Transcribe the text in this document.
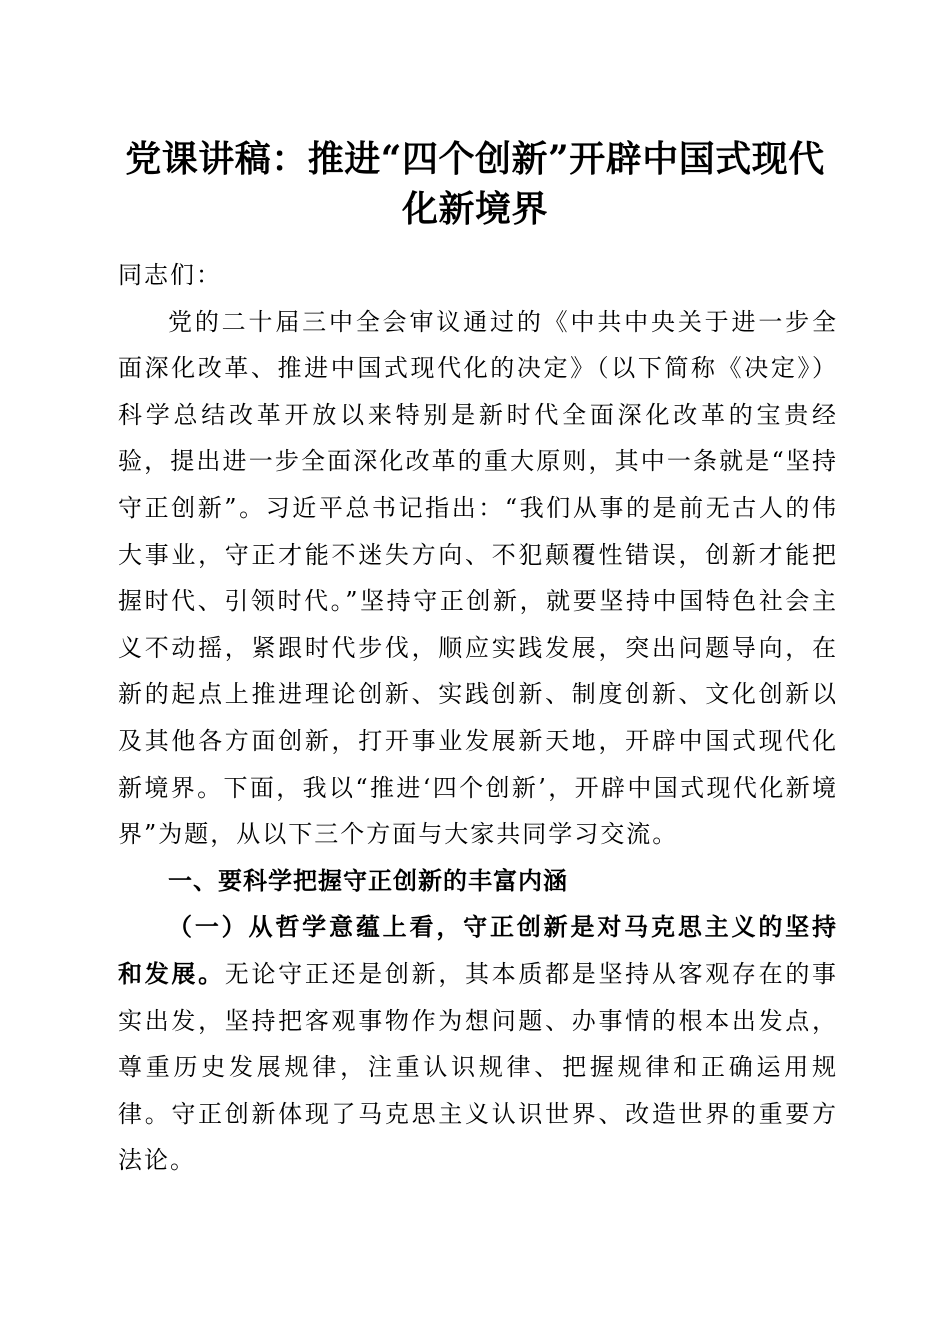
党课讲稿：推进“四个创新”开辟中国式现代
化新境界

同志们：

党的二十届三中全会审议通过的《中共中央关于进一步全面深化改革、推进中国式现代化的决定》（以下简称《决定》）科学总结改革开放以来特别是新时代全面深化改革的宝贵经验，提出进一步全面深化改革的重大原则，其中一条就是“坚持守正创新”。习近平总书记指出：“我们从事的是前无古人的伟大事业，守正才能不迷失方向、不犯颠覆性错误，创新才能把握时代、引领时代。”坚持守正创新，就要坚持中国特色社会主义不动摇，紧跟时代步伐，顺应实践发展，突出问题导向，在新的起点上推进理论创新、实践创新、制度创新、文化创新以及其他各方面创新，打开事业发展新天地，开辟中国式现代化新境界。下面，我以“推进‘四个创新’，开辟中国式现代化新境界”为题，从以下三个方面与大家共同学习交流。

一、要科学把握守正创新的丰富内涵

（一）从哲学意蕴上看，守正创新是对马克思主义的坚持和发展。无论守正还是创新，其本质都是坚持从客观存在的事实出发，坚持把客观事物作为想问题、办事情的根本出发点，尊重历史发展规律，注重认识规律、把握规律和正确运用规律。守正创新体现了马克思主义认识世界、改造世界的重要方法论。
